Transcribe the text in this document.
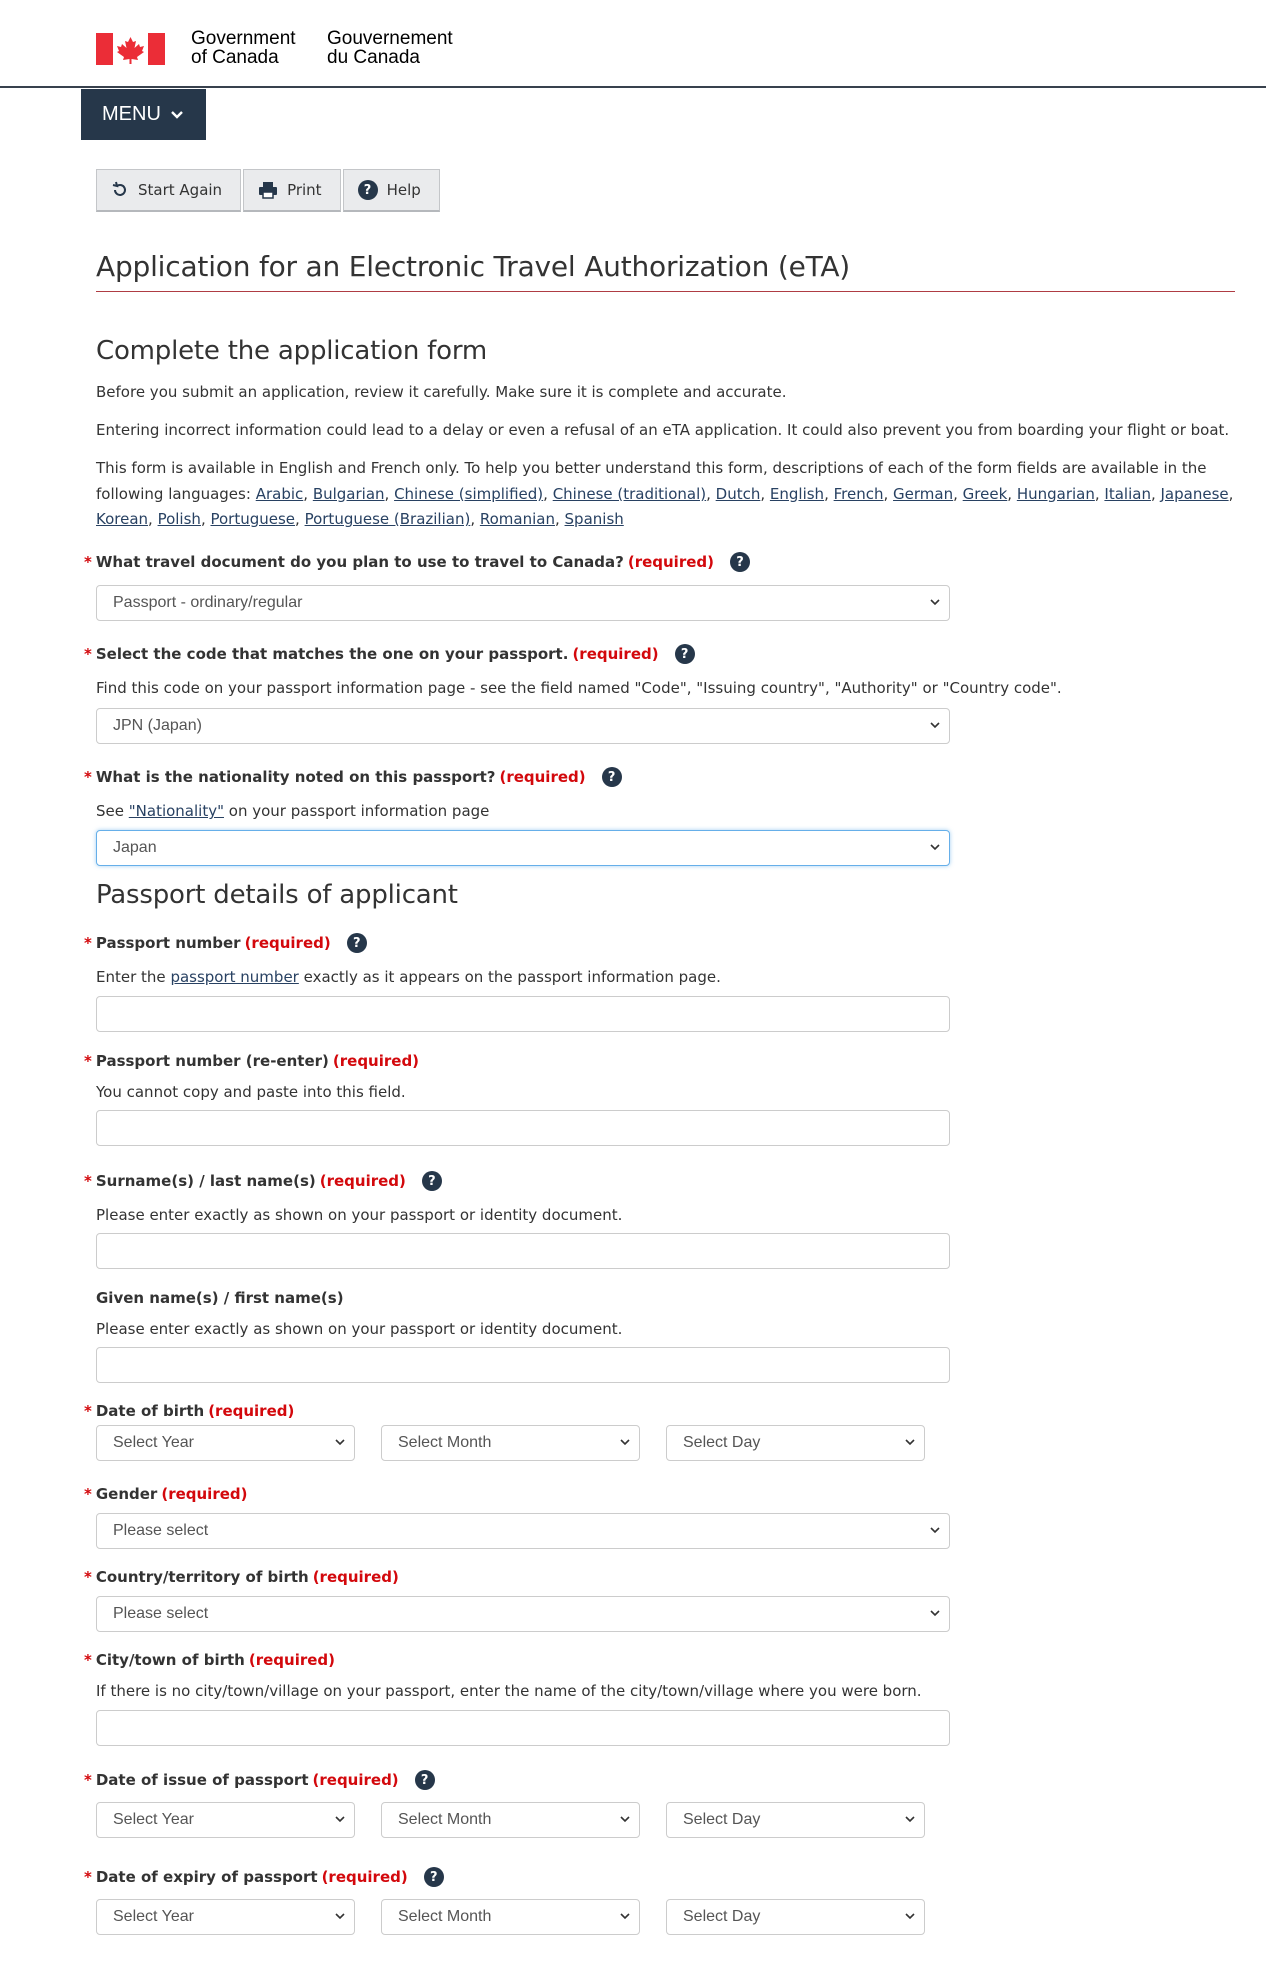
Government
of Canada
Gouvernement
du Canada
MENU
Start Again	Print	?	Help
Application for an Electronic Travel Authorization (eTA)
Complete the application form
Before you submit an application, review it carefully. Make sure it is complete and accurate.
Entering incorrect information could lead to a delay or even a refusal of an eTA application. It could also prevent you from boarding your flight or boat.
This form is available in English and French only. To help you better understand this form, descriptions of each of the form fields are available in the following languages: Arabic, Bulgarian, Chinese (simplified), Chinese (traditional), Dutch, English, French, German, Greek, Hungarian, Italian, Japanese, Korean, Polish, Portuguese, Portuguese (Brazilian), Romanian, Spanish
* What travel document do you plan to use to travel to Canada? (required)	?
Passport - ordinary/regular
* Select the code that matches the one on your passport. (required)	?
Find this code on your passport information page - see the field named "Code", "Issuing country", "Authority" or "Country code".
JPN (Japan)
* What is the nationality noted on this passport? (required)	?
See "Nationality" on your passport information page
Japan
Passport details of applicant
* Passport number (required)	?
Enter the passport number exactly as it appears on the passport information page.
* Passport number (re-enter) (required)
You cannot copy and paste into this field.
* Surname(s) / last name(s) (required)	?
Please enter exactly as shown on your passport or identity document.
Given name(s) / first name(s)
Please enter exactly as shown on your passport or identity document.
* Date of birth (required)
Select Year	Select Month	Select Day
* Gender (required)
Please select
* Country/territory of birth (required)
Please select
* City/town of birth (required)
If there is no city/town/village on your passport, enter the name of the city/town/village where you were born.
* Date of issue of passport (required)	?
Select Year	Select Month	Select Day
* Date of expiry of passport (required)	?
Select Year	Select Month	Select Day
